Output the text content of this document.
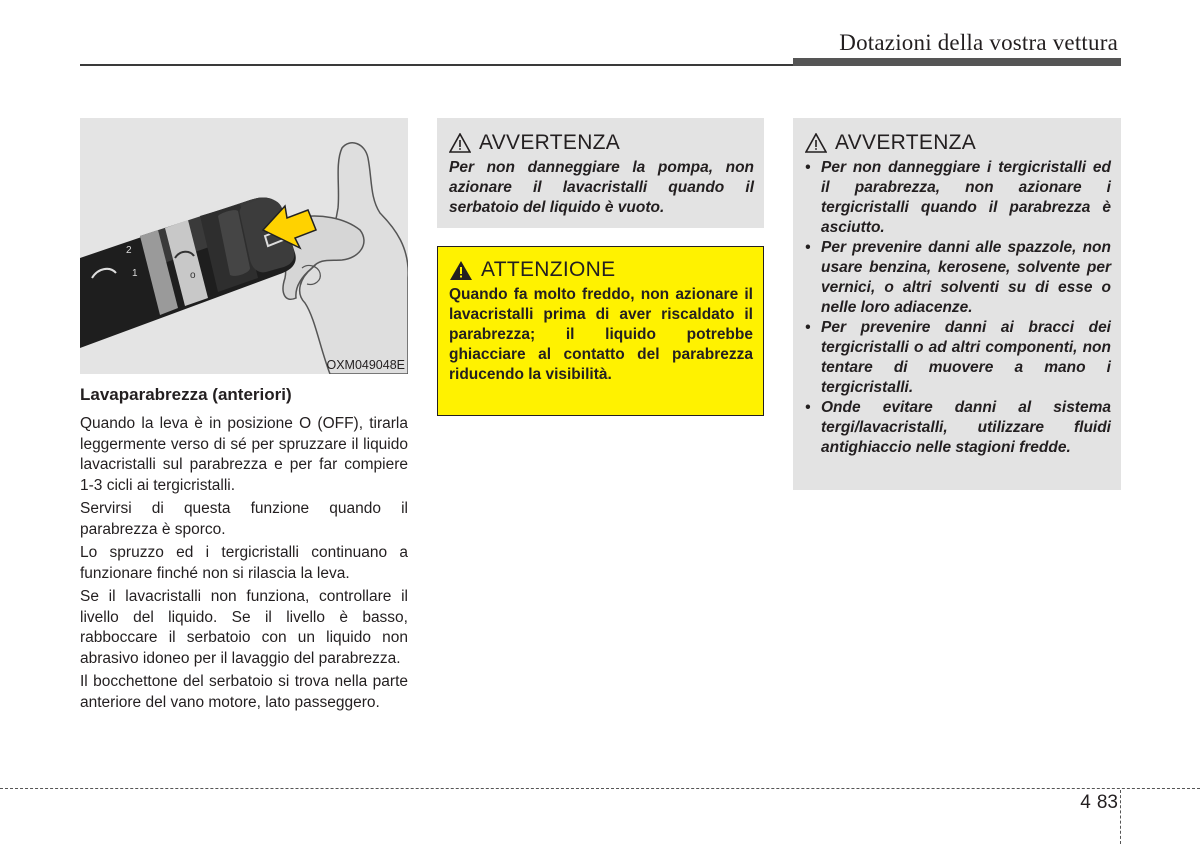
Dotazioni della vostra vettura
2
1	o
OXM049048E
Lavaparabrezza (anteriori)

Quando la leva è in posizione O (OFF), tirarla leggermente verso di sé per spruzzare il liquido lavacristalli sul parabrezza e per far compiere 1-3 cicli ai tergicristalli.

Servirsi di questa funzione quando il parabrezza è sporco.

Lo spruzzo ed i tergicristalli continuano a funzionare finché non si rilascia la leva.

Se il lavacristalli non funziona, controllare il livello del liquido. Se il livello è basso, rabboccare il serbatoio con un liquido non abrasivo idoneo per il lavaggio del parabrezza.

Il bocchettone del serbatoio si trova nella parte anteriore del vano motore, lato passeggero.

AVVERTENZA
Per non danneggiare la pompa, non azionare il lavacristalli quando il serbatoio del liquido è vuoto.
ATTENZIONE
Quando fa molto freddo, non azionare il lavacristalli prima di aver riscaldato il parabrezza; il liquido potrebbe ghiacciare al contatto del parabrezza riducendo la visibilità.
AVVERTENZA
• Per non danneggiare i tergicristalli ed il parabrezza, non azionare i tergicristalli quando il parabrezza è asciutto.
• Per prevenire danni alle spazzole, non usare benzina, kerosene, solvente per vernici, o altri solventi su di esse o nelle loro adiacenze.
• Per prevenire danni ai bracci dei tergicristalli o ad altri componenti, non tentare di muovere a mano i tergicristalli.
• Onde evitare danni al sistema tergi/lavacristalli, utilizzare fluidi antighiaccio nelle stagioni fredde.
4 83
